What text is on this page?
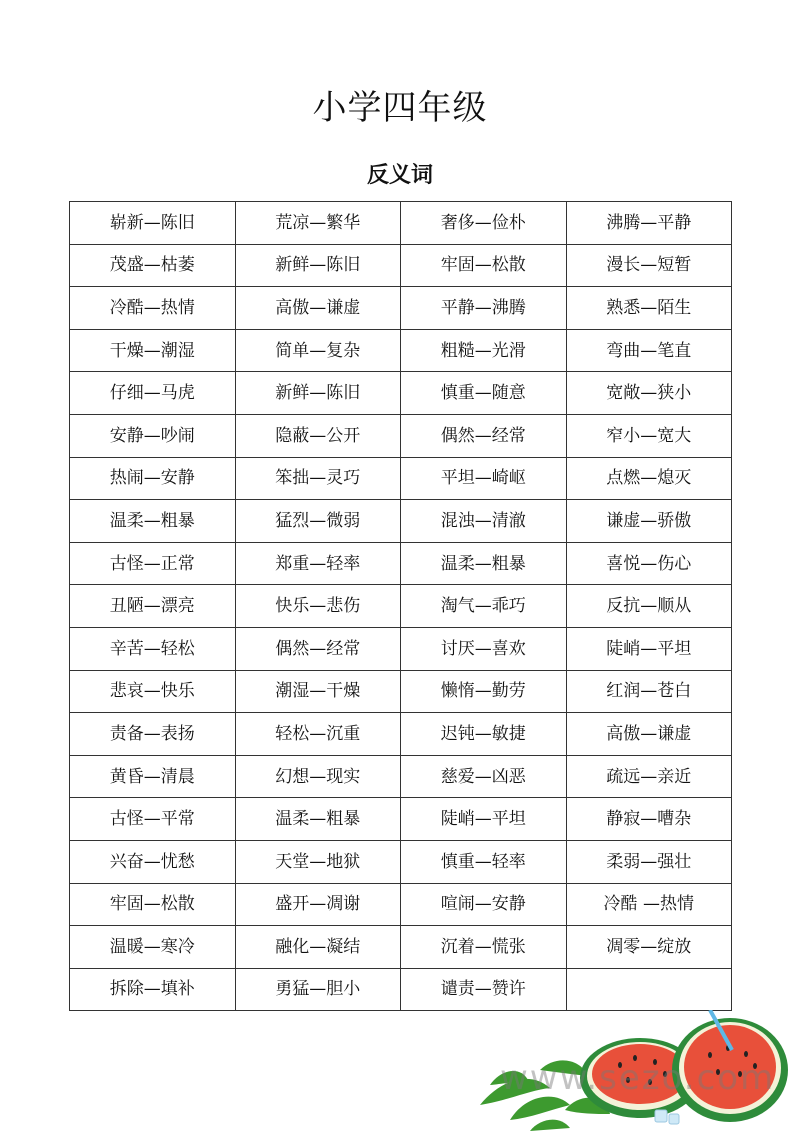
小学四年级
反义词
崭新—陈旧	荒凉—繁华	奢侈—俭朴	沸腾—平静
茂盛—枯萎	新鲜—陈旧	牢固—松散	漫长—短暂
冷酷—热情	高傲—谦虚	平静—沸腾	熟悉—陌生
干燥—潮湿	简单—复杂	粗糙—光滑	弯曲—笔直
仔细—马虎	新鲜—陈旧	慎重—随意	宽敞—狭小
安静—吵闹	隐蔽—公开	偶然—经常	窄小—宽大
热闹—安静	笨拙—灵巧	平坦—崎岖	点燃—熄灭
温柔—粗暴	猛烈—微弱	混浊—清澈	谦虚—骄傲
古怪—正常	郑重—轻率	温柔—粗暴	喜悦—伤心
丑陋—漂亮	快乐—悲伤	淘气—乖巧	反抗—顺从
辛苦—轻松	偶然—经常	讨厌—喜欢	陡峭—平坦
悲哀—快乐	潮湿—干燥	懒惰—勤劳	红润—苍白
责备—表扬	轻松—沉重	迟钝—敏捷	高傲—谦虚
黄昏—清晨	幻想—现实	慈爱—凶恶	疏远—亲近
古怪—平常	温柔—粗暴	陡峭—平坦	静寂—嘈杂
兴奋—忧愁	天堂—地狱	慎重—轻率	柔弱—强壮
牢固—松散	盛开—凋谢	喧闹—安静	冷酷 —热情
温暖—寒冷	融化—凝结	沉着—慌张	凋零—绽放
拆除—填补	勇猛—胆小	谴责—赞许	
www.sezo.com
